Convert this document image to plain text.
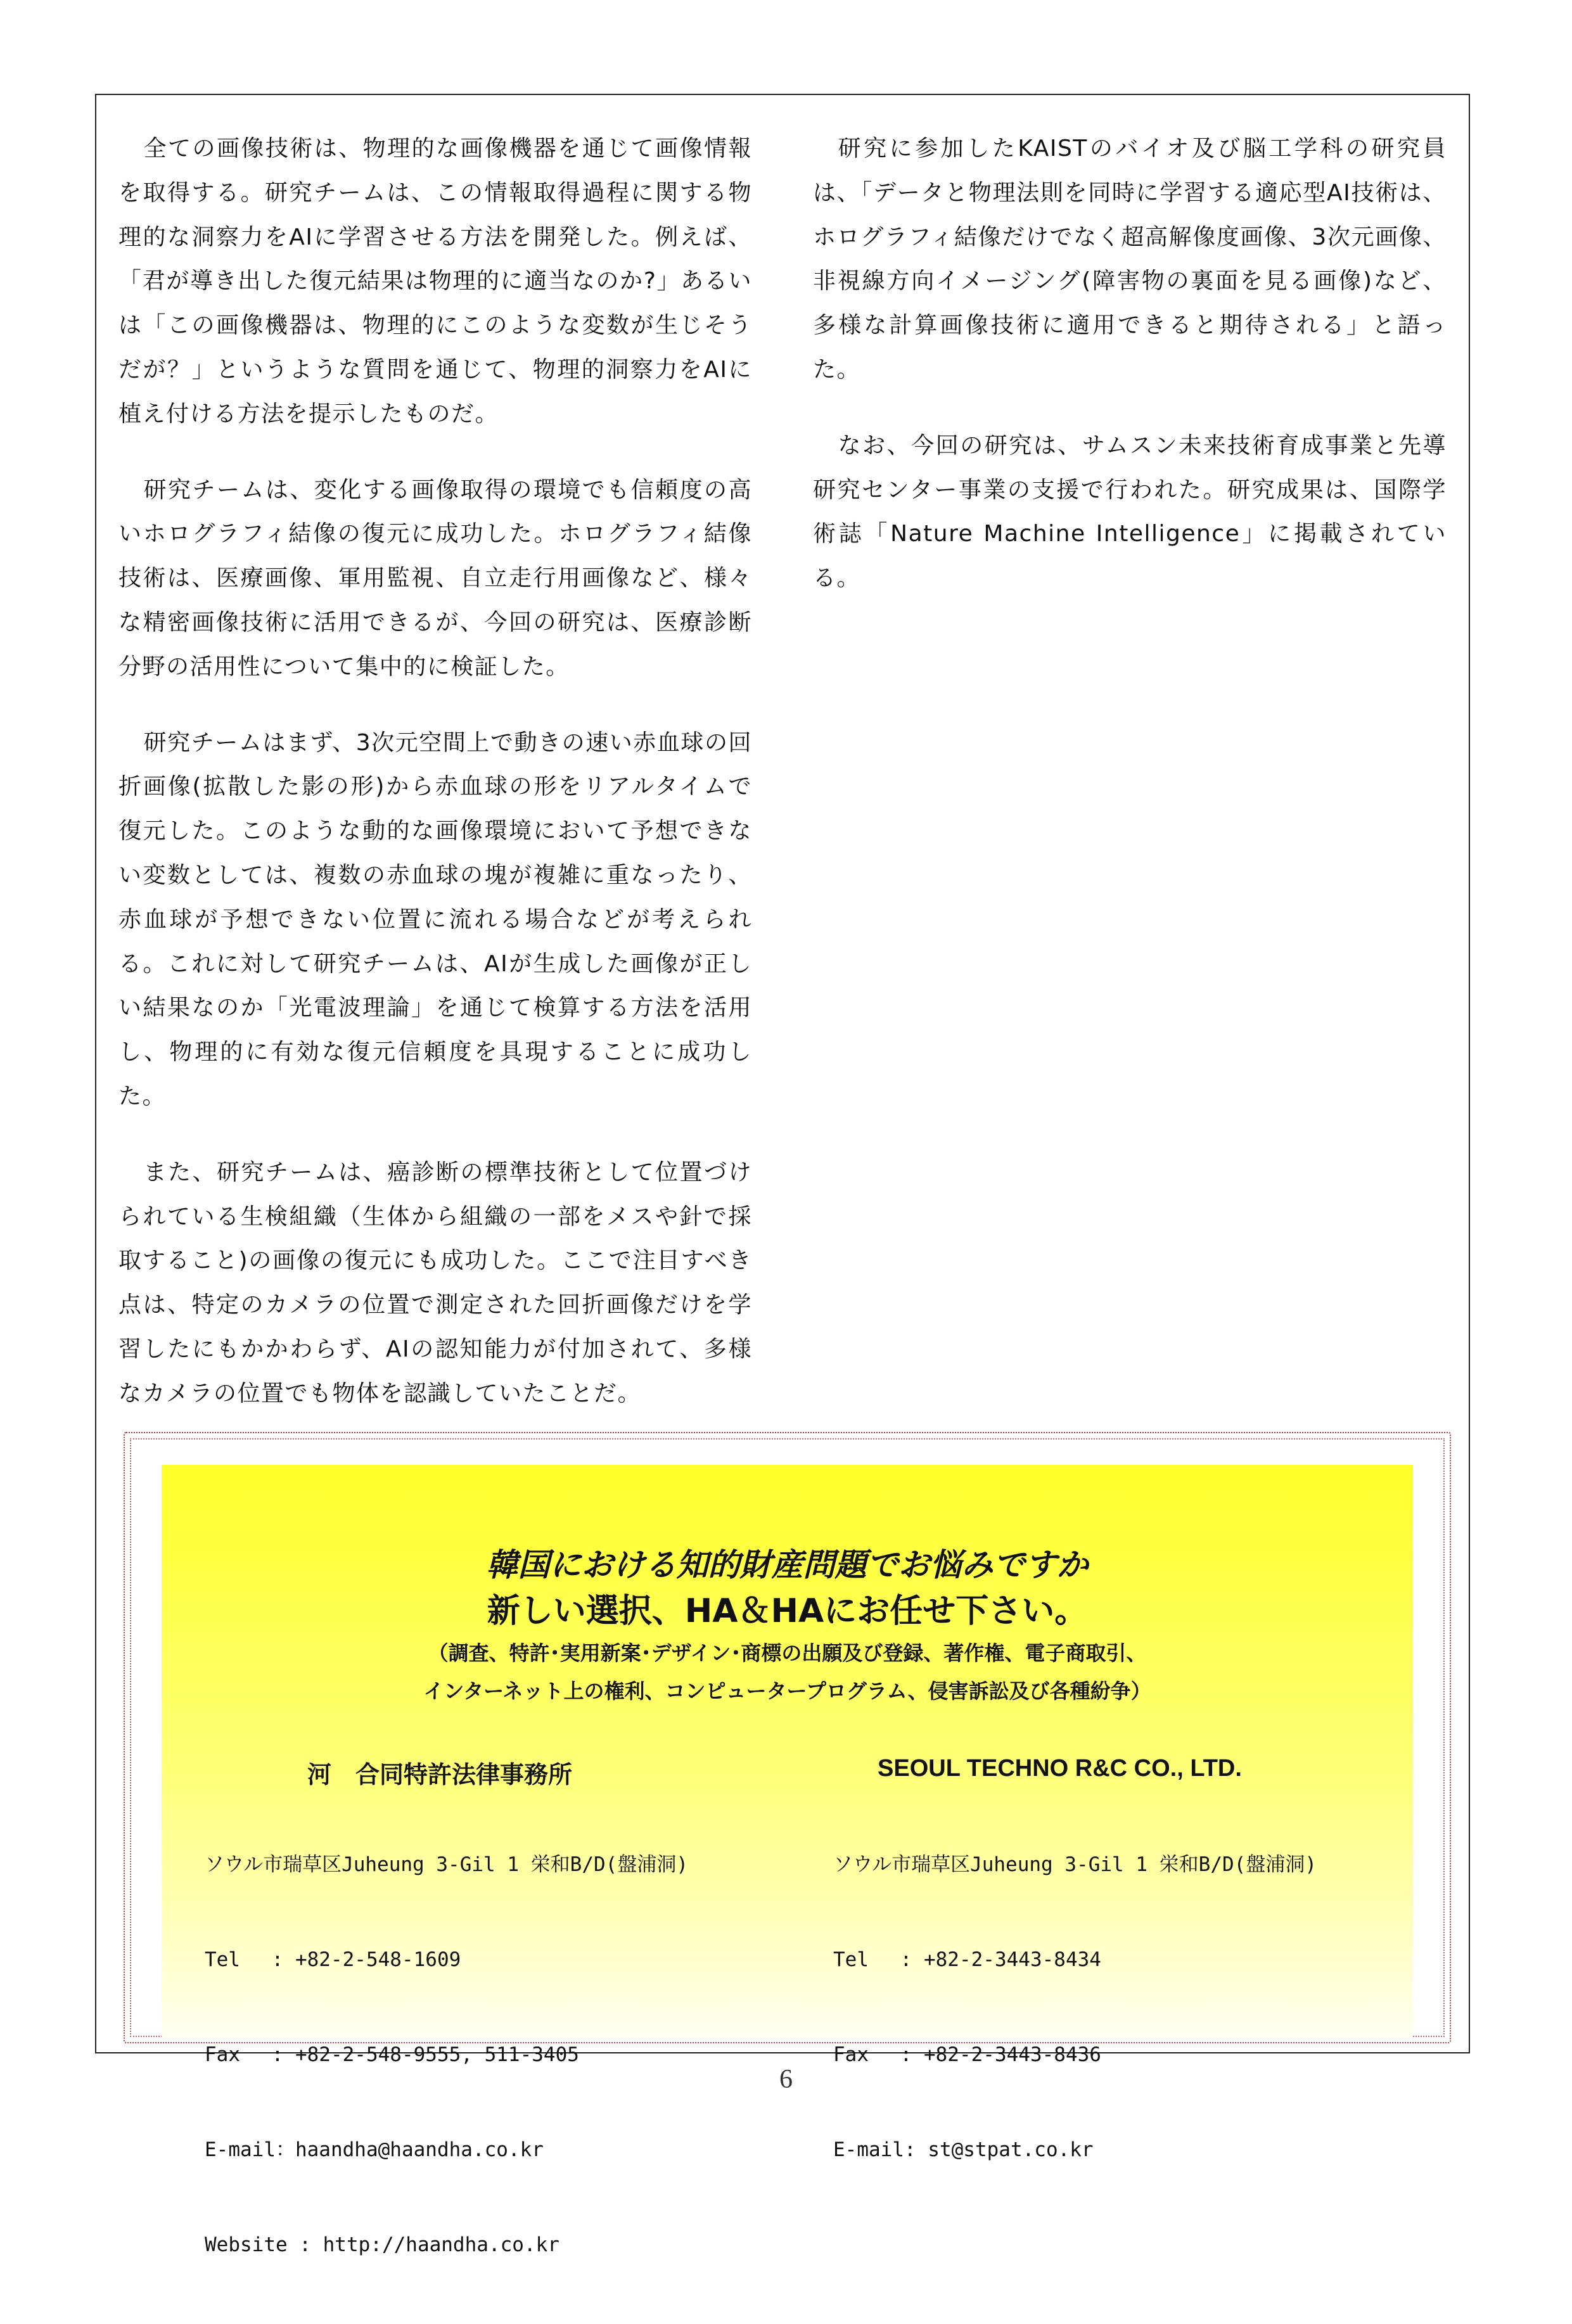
全ての画像技術は、物理的な画像機器を通じて画像情報を取得する。研究チームは、この情報取得過程に関する物理的な洞察力をAIに学習させる方法を開発した。例えば、「君が導き出した復元結果は物理的に適当なのか?」あるいは「この画像機器は、物理的にこのような変数が生じそうだが？」というような質問を通じて、物理的洞察力をAIに植え付ける方法を提示したものだ。

研究チームは、変化する画像取得の環境でも信頼度の高いホログラフィ結像の復元に成功した。ホログラフィ結像技術は、医療画像、軍用監視、自立走行用画像など、様々な精密画像技術に活用できるが、今回の研究は、医療診断分野の活用性について集中的に検証した。

研究チームはまず、3次元空間上で動きの速い赤血球の回折画像(拡散した影の形)から赤血球の形をリアルタイムで復元した。このような動的な画像環境において予想できない変数としては、複数の赤血球の塊が複雑に重なったり、赤血球が予想できない位置に流れる場合などが考えられる。これに対して研究チームは、AIが生成した画像が正しい結果なのか「光電波理論」を通じて検算する方法を活用し、物理的に有効な復元信頼度を具現することに成功した。

また、研究チームは、癌診断の標準技術として位置づけられている生検組織（生体から組織の一部をメスや針で採取すること)の画像の復元にも成功した。ここで注目すべき点は、特定のカメラの位置で測定された回折画像だけを学習したにもかかわらず、AIの認知能力が付加されて、多様なカメラの位置でも物体を認識していたことだ。

研究に参加したKAISTのバイオ及び脳工学科の研究員は、「データと物理法則を同時に学習する適応型AI技術は、ホログラフィ結像だけでなく超高解像度画像、3次元画像、非視線方向イメージング(障害物の裏面を見る画像)など、多様な計算画像技術に適用できると期待される」と語った。

なお、今回の研究は、サムスン未来技術育成事業と先導研究センター事業の支援で行われた。研究成果は、国際学術誌「Nature Machine Intelligence」に掲載されている。

韓国における知的財産問題でお悩みですか
新しい選択、HA＆HAにお任せ下さい。
（調査、特許･実用新案･デザイン･商標の出願及び登録、著作権、電子商取引、
インターネット上の権利、コンピュータープログラム、侵害訴訟及び各種紛争）
河　合同特許法律事務所

ソウル市瑞草区Juheung 3-Gil 1 栄和B/D(盤浦洞)

Tel　 : +82-2-548-1609

Fax　 : +82-2-548-9555, 511-3405

E-mail：haandha@haandha.co.kr

Website : http://haandha.co.kr

SEOUL TECHNO R&C CO., LTD.

ソウル市瑞草区Juheung 3-Gil 1 栄和B/D(盤浦洞)

Tel　 : +82-2-3443-8434

Fax　 : +82-2-3443-8436

E-mail: st@stpat.co.kr

6
